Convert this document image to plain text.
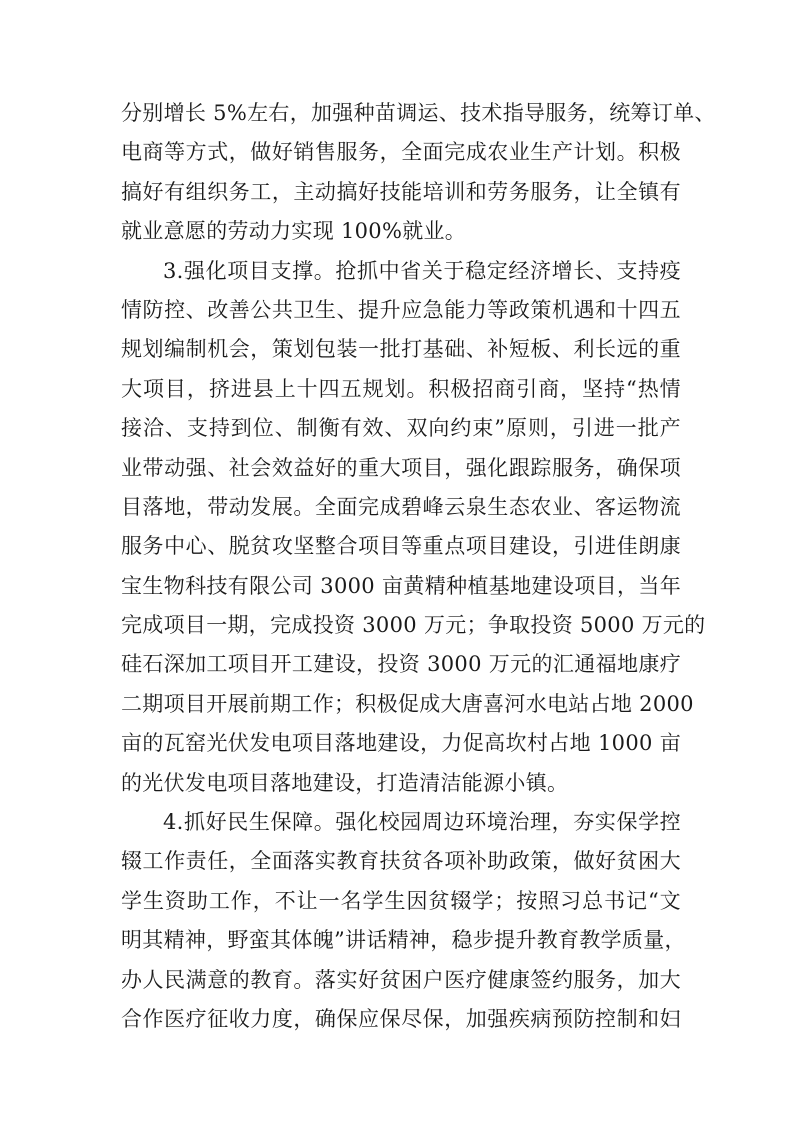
分别增长 5%左右，加强种苗调运、技术指导服务，统筹订单、
电商等方式，做好销售服务，全面完成农业生产计划。积极
搞好有组织务工，主动搞好技能培训和劳务服务，让全镇有
就业意愿的劳动力实现 100%就业。
3.强化项目支撑。抢抓中省关于稳定经济增长、支持疫
情防控、改善公共卫生、提升应急能力等政策机遇和十四五
规划编制机会，策划包装一批打基础、补短板、利长远的重
大项目，挤进县上十四五规划。积极招商引商，坚持“热情
接洽、支持到位、制衡有效、双向约束”原则，引进一批产
业带动强、社会效益好的重大项目，强化跟踪服务，确保项
目落地，带动发展。全面完成碧峰云泉生态农业、客运物流
服务中心、脱贫攻坚整合项目等重点项目建设，引进佳朗康
宝生物科技有限公司 3000 亩黄精种植基地建设项目，当年
完成项目一期，完成投资 3000 万元；争取投资 5000 万元的
硅石深加工项目开工建设，投资 3000 万元的汇通福地康疗
二期项目开展前期工作；积极促成大唐喜河水电站占地 2000
亩的瓦窑光伏发电项目落地建设，力促高坎村占地 1000 亩
的光伏发电项目落地建设，打造清洁能源小镇。
4.抓好民生保障。强化校园周边环境治理，夯实保学控
辍工作责任，全面落实教育扶贫各项补助政策，做好贫困大
学生资助工作，不让一名学生因贫辍学；按照习总书记“文
明其精神，野蛮其体魄”讲话精神，稳步提升教育教学质量，
办人民满意的教育。落实好贫困户医疗健康签约服务，加大
合作医疗征收力度，确保应保尽保，加强疾病预防控制和妇
